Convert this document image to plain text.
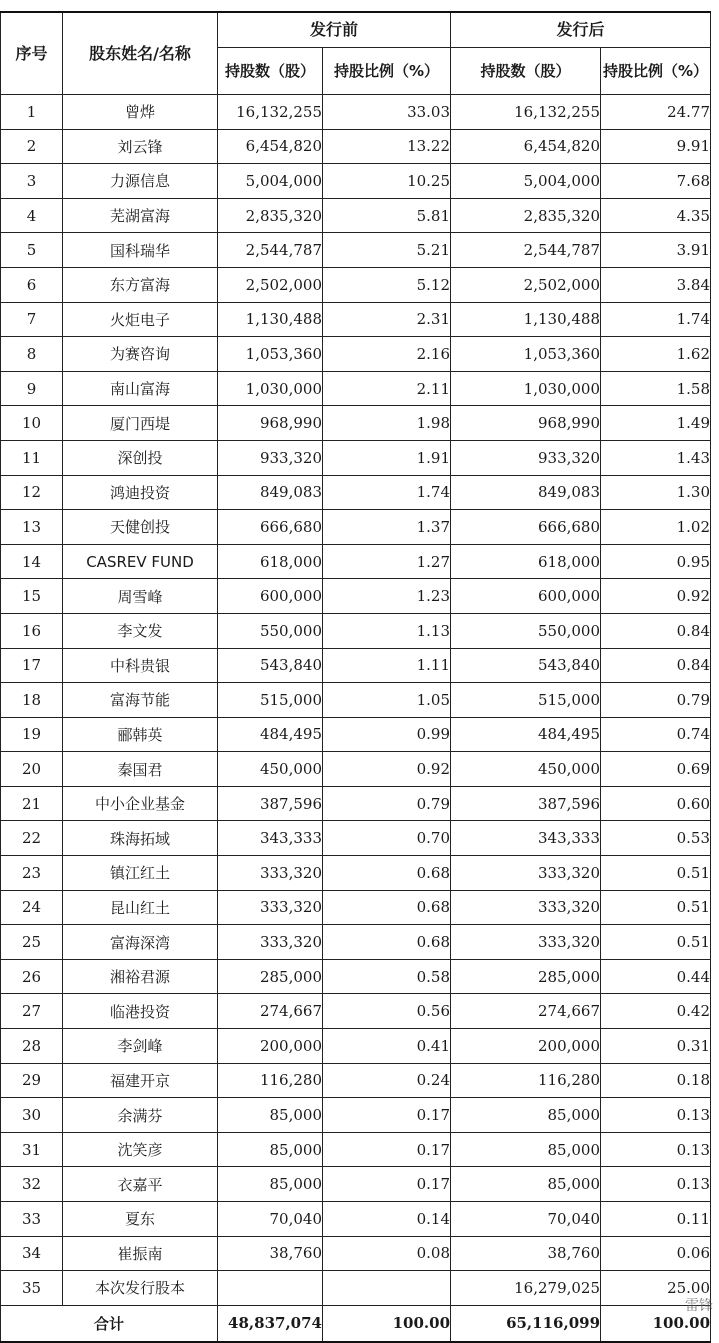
序号	股东姓名/名称	发行前		发行后	
		持股数（股）	持股比例（%）	持股数（股）	持股比例（%）
1	曾烨	16,132,255	33.03	16,132,255	24.77
2	刘云锋	6,454,820	13.22	6,454,820	9.91
3	力源信息	5,004,000	10.25	5,004,000	7.68
4	芜湖富海	2,835,320	5.81	2,835,320	4.35
5	国科瑞华	2,544,787	5.21	2,544,787	3.91
6	东方富海	2,502,000	5.12	2,502,000	3.84
7	火炬电子	1,130,488	2.31	1,130,488	1.74
8	为赛咨询	1,053,360	2.16	1,053,360	1.62
9	南山富海	1,030,000	2.11	1,030,000	1.58
10	厦门西堤	968,990	1.98	968,990	1.49
11	深创投	933,320	1.91	933,320	1.43
12	鸿迪投资	849,083	1.74	849,083	1.30
13	天健创投	666,680	1.37	666,680	1.02
14	CASREV FUND	618,000	1.27	618,000	0.95
15	周雪峰	600,000	1.23	600,000	0.92
16	李文发	550,000	1.13	550,000	0.84
17	中科贵银	543,840	1.11	543,840	0.84
18	富海节能	515,000	1.05	515,000	0.79
19	郦韩英	484,495	0.99	484,495	0.74
20	秦国君	450,000	0.92	450,000	0.69
21	中小企业基金	387,596	0.79	387,596	0.60
22	珠海拓域	343,333	0.70	343,333	0.53
23	镇江红土	333,320	0.68	333,320	0.51
24	昆山红土	333,320	0.68	333,320	0.51
25	富海深湾	333,320	0.68	333,320	0.51
26	湘裕君源	285,000	0.58	285,000	0.44
27	临港投资	274,667	0.56	274,667	0.42
28	李剑峰	200,000	0.41	200,000	0.31
29	福建开京	116,280	0.24	116,280	0.18
30	余满芬	85,000	0.17	85,000	0.13
31	沈笑彦	85,000	0.17	85,000	0.13
32	衣嘉平	85,000	0.17	85,000	0.13
33	夏东	70,040	0.14	70,040	0.11
34	崔振南	38,760	0.08	38,760	0.06
35	本次发行股本			16,279,025	25.00
合计		48,837,074	100.00	65,116,099	100.00
雷锋
